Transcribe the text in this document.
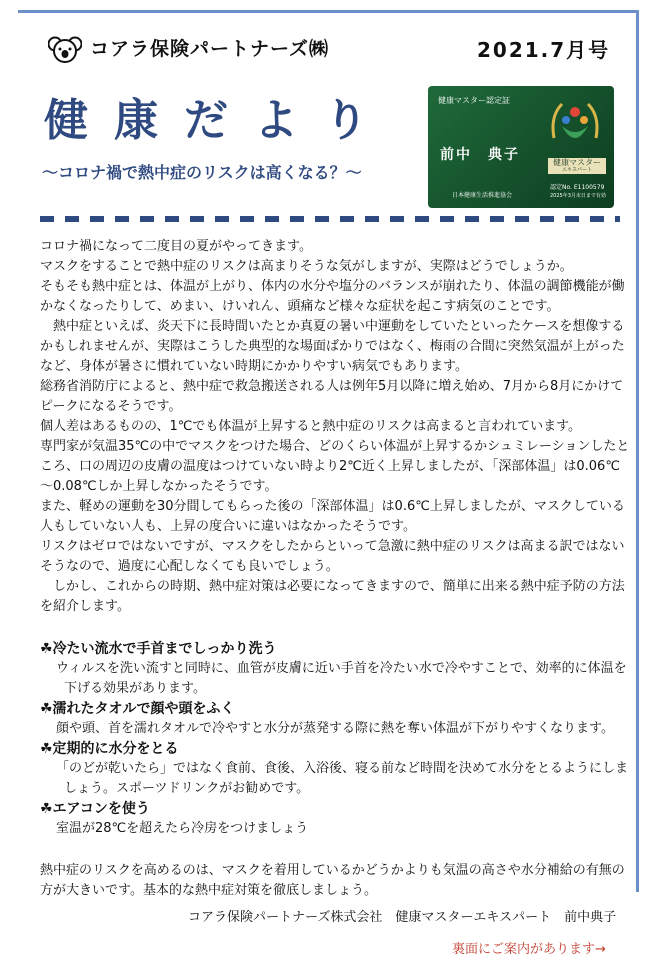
コアラ保険パートナーズ㈱	2021.7月号
健康だより
～コロナ禍で熱中症のリスクは高くなる？～
健康マスター認定証
前中　典子	健康マスター
エキスパート
日本健康生活推進協会
認定No. E1100579
2025年3月末日まで有効

コロナ禍になって二度目の夏がやってきます。

マスクをすることで熱中症のリスクは高まりそうな気がしますが、実際はどうでしょうか。

そもそも熱中症とは、体温が上がり、体内の水分や塩分のバランスが崩れたり、体温の調節機能が働かなくなったりして、めまい、けいれん、頭痛など様々な症状を起こす病気のことです。

　熱中症といえば、炎天下に長時間いたとか真夏の暑い中運動をしていたといったケースを想像するかもしれませんが、実際はこうした典型的な場面ばかりではなく、梅雨の合間に突然気温が上がったなど、身体が暑さに慣れていない時期にかかりやすい病気でもあります。

総務省消防庁によると、熱中症で救急搬送される人は例年5月以降に増え始め、7月から8月にかけてピークになるそうです。

個人差はあるものの、1℃でも体温が上昇すると熱中症のリスクは高まると言われています。

専門家が気温35℃の中でマスクをつけた場合、どのくらい体温が上昇するかシュミレーションしたところ、口の周辺の皮膚の温度はつけていない時より2℃近く上昇しましたが、「深部体温」は0.06℃～0.08℃しか上昇しなかったそうです。

また、軽めの運動を30分間してもらった後の「深部体温」は0.6℃上昇しましたが、マスクしている人もしていない人も、上昇の度合いに違いはなかったそうです。

リスクはゼロではないですが、マスクをしたからといって急激に熱中症のリスクは高まる訳ではないそうなので、過度に心配しなくても良いでしょう。

　しかし、これからの時期、熱中症対策は必要になってきますので、簡単に出来る熱中症予防の方法を紹介します。

☘冷たい流水で手首までしっかり洗う

ウィルスを洗い流すと同時に、血管が皮膚に近い手首を冷たい水で冷やすことで、効率的に体温を下げる効果があります。

☘濡れたタオルで顔や頭をふく

顔や頭、首を濡れタオルで冷やすと水分が蒸発する際に熱を奪い体温が下がりやすくなります。

☘定期的に水分をとる

「のどが乾いたら」ではなく食前、食後、入浴後、寝る前など時間を決めて水分をとるようにしましょう。スポーツドリンクがお勧めです。

☘エアコンを使う

室温が28℃を超えたら冷房をつけましょう

熱中症のリスクを高めるのは、マスクを着用しているかどうかよりも気温の高さや水分補給の有無の方が大きいです。基本的な熱中症対策を徹底しましょう。

コアラ保険パートナーズ株式会社　健康マスターエキスパート　前中典子
裏面にご案内があります→
